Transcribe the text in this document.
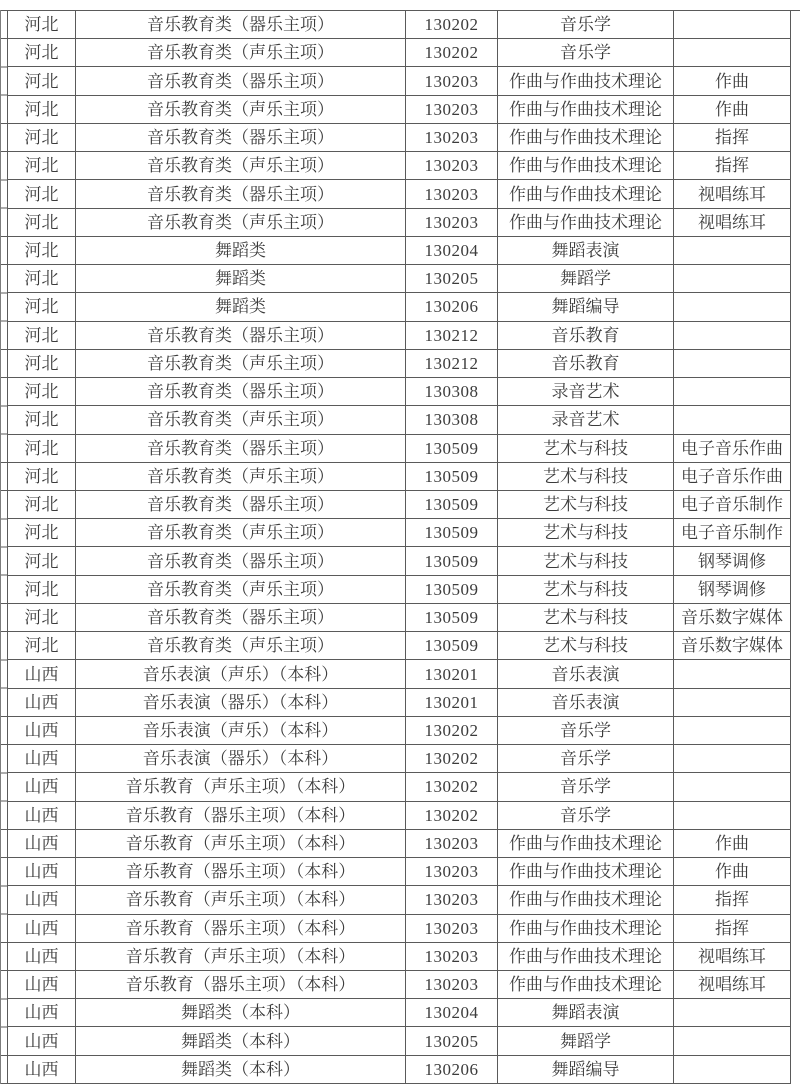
河北	音乐教育类（器乐主项）	130202	音乐学	
河北	音乐教育类（声乐主项）	130202	音乐学	
河北	音乐教育类（器乐主项）	130203	作曲与作曲技术理论	作曲
河北	音乐教育类（声乐主项）	130203	作曲与作曲技术理论	作曲
河北	音乐教育类（器乐主项）	130203	作曲与作曲技术理论	指挥
河北	音乐教育类（声乐主项）	130203	作曲与作曲技术理论	指挥
河北	音乐教育类（器乐主项）	130203	作曲与作曲技术理论	视唱练耳
河北	音乐教育类（声乐主项）	130203	作曲与作曲技术理论	视唱练耳
河北	舞蹈类	130204	舞蹈表演	
河北	舞蹈类	130205	舞蹈学	
河北	舞蹈类	130206	舞蹈编导	
河北	音乐教育类（器乐主项）	130212	音乐教育	
河北	音乐教育类（声乐主项）	130212	音乐教育	
河北	音乐教育类（器乐主项）	130308	录音艺术	
河北	音乐教育类（声乐主项）	130308	录音艺术	
河北	音乐教育类（器乐主项）	130509	艺术与科技	电子音乐作曲
河北	音乐教育类（声乐主项）	130509	艺术与科技	电子音乐作曲
河北	音乐教育类（器乐主项）	130509	艺术与科技	电子音乐制作
河北	音乐教育类（声乐主项）	130509	艺术与科技	电子音乐制作
河北	音乐教育类（器乐主项）	130509	艺术与科技	钢琴调修
河北	音乐教育类（声乐主项）	130509	艺术与科技	钢琴调修
河北	音乐教育类（器乐主项）	130509	艺术与科技	音乐数字媒体
河北	音乐教育类（声乐主项）	130509	艺术与科技	音乐数字媒体
山西	音乐表演（声乐）（本科）	130201	音乐表演	
山西	音乐表演（器乐）（本科）	130201	音乐表演	
山西	音乐表演（声乐）（本科）	130202	音乐学	
山西	音乐表演（器乐）（本科）	130202	音乐学	
山西	音乐教育（声乐主项）（本科）	130202	音乐学	
山西	音乐教育（器乐主项）（本科）	130202	音乐学	
山西	音乐教育（声乐主项）（本科）	130203	作曲与作曲技术理论	作曲
山西	音乐教育（器乐主项）（本科）	130203	作曲与作曲技术理论	作曲
山西	音乐教育（声乐主项）（本科）	130203	作曲与作曲技术理论	指挥
山西	音乐教育（器乐主项）（本科）	130203	作曲与作曲技术理论	指挥
山西	音乐教育（声乐主项）（本科）	130203	作曲与作曲技术理论	视唱练耳
山西	音乐教育（器乐主项）（本科）	130203	作曲与作曲技术理论	视唱练耳
山西	舞蹈类（本科）	130204	舞蹈表演	
山西	舞蹈类（本科）	130205	舞蹈学	
山西	舞蹈类（本科）	130206	舞蹈编导	
